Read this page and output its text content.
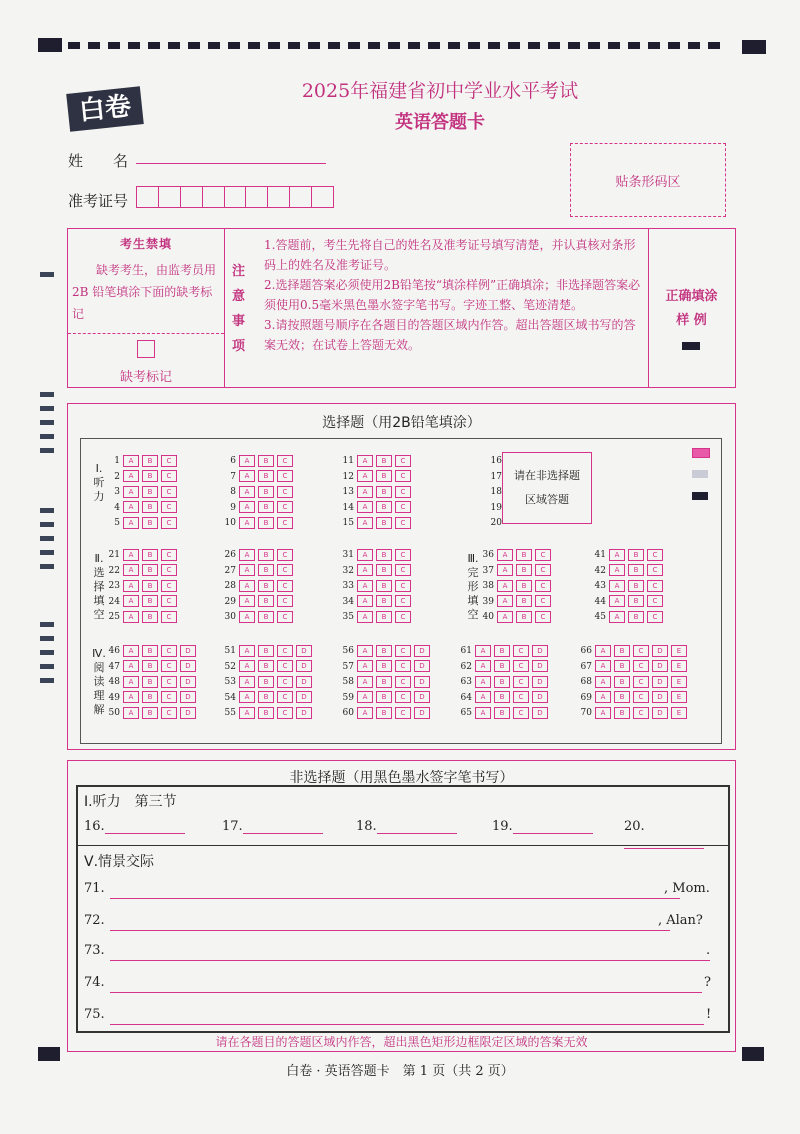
白卷
2025年福建省初中学业水平考试
英语答题卡
姓　　名
准考证号
贴条形码区
考生禁填
缺考考生，由监考员用 2B 铅笔填涂下面的缺考标记
缺考标记
注意事项
1.答题前，考生先将自己的姓名及准考证号填写清楚，并认真核对条形码上的姓名及准考证号。
2.选择题答案必须使用2B铅笔按“填涂样例”正确填涂；非选择题答案必须使用0.5毫米黑色墨水签字笔书写。字迹工整、笔迹清楚。
3.请按照题号顺序在各题目的答题区域内作答。超出答题区域书写的答案无效；在试卷上答题无效。
正确填涂
样 例
选择题（用2B铅笔填涂）
Ⅰ.听力
Ⅱ.选择填空
Ⅲ.完形填空
Ⅳ.阅读理解
16
17
18
19
20
请在非选择题区域答题
1 A B C
2 A B C
3 A B C
4 A B C
5 A B C
6 A B C
7 A B C
8 A B C
9 A B C
10 A B C
11 A B C
12 A B C
13 A B C
14 A B C
15 A B C
21 A B C
22 A B C
23 A B C
24 A B C
25 A B C
26 A B C
27 A B C
28 A B C
29 A B C
30 A B C
31 A B C
32 A B C
33 A B C
34 A B C
35 A B C
36 A B C
37 A B C
38 A B C
39 A B C
40 A B C
41 A B C
42 A B C
43 A B C
44 A B C
45 A B C
46 A B C D
47 A B C D
48 A B C D
49 A B C D
50 A B C D
51 A B C D
52 A B C D
53 A B C D
54 A B C D
55 A B C D
56 A B C D
57 A B C D
58 A B C D
59 A B C D
60 A B C D
61 A B C D
62 A B C D
63 A B C D
64 A B C D
65 A B C D
66 A B C D E
67 A B C D E
68 A B C D E
69 A B C D E
70 A B C D E
非选择题（用黑色墨水签字笔书写）
Ⅰ.听力　第三节
16.	17.	18.	19.	20.
Ⅴ.情景交际
71.	, Mom.
72.	, Alan?
73.	.
74.	?
75.	!
请在各题目的答题区域内作答，超出黑色矩形边框限定区域的答案无效
白卷 · 英语答题卡　第 1 页（共 2 页）
